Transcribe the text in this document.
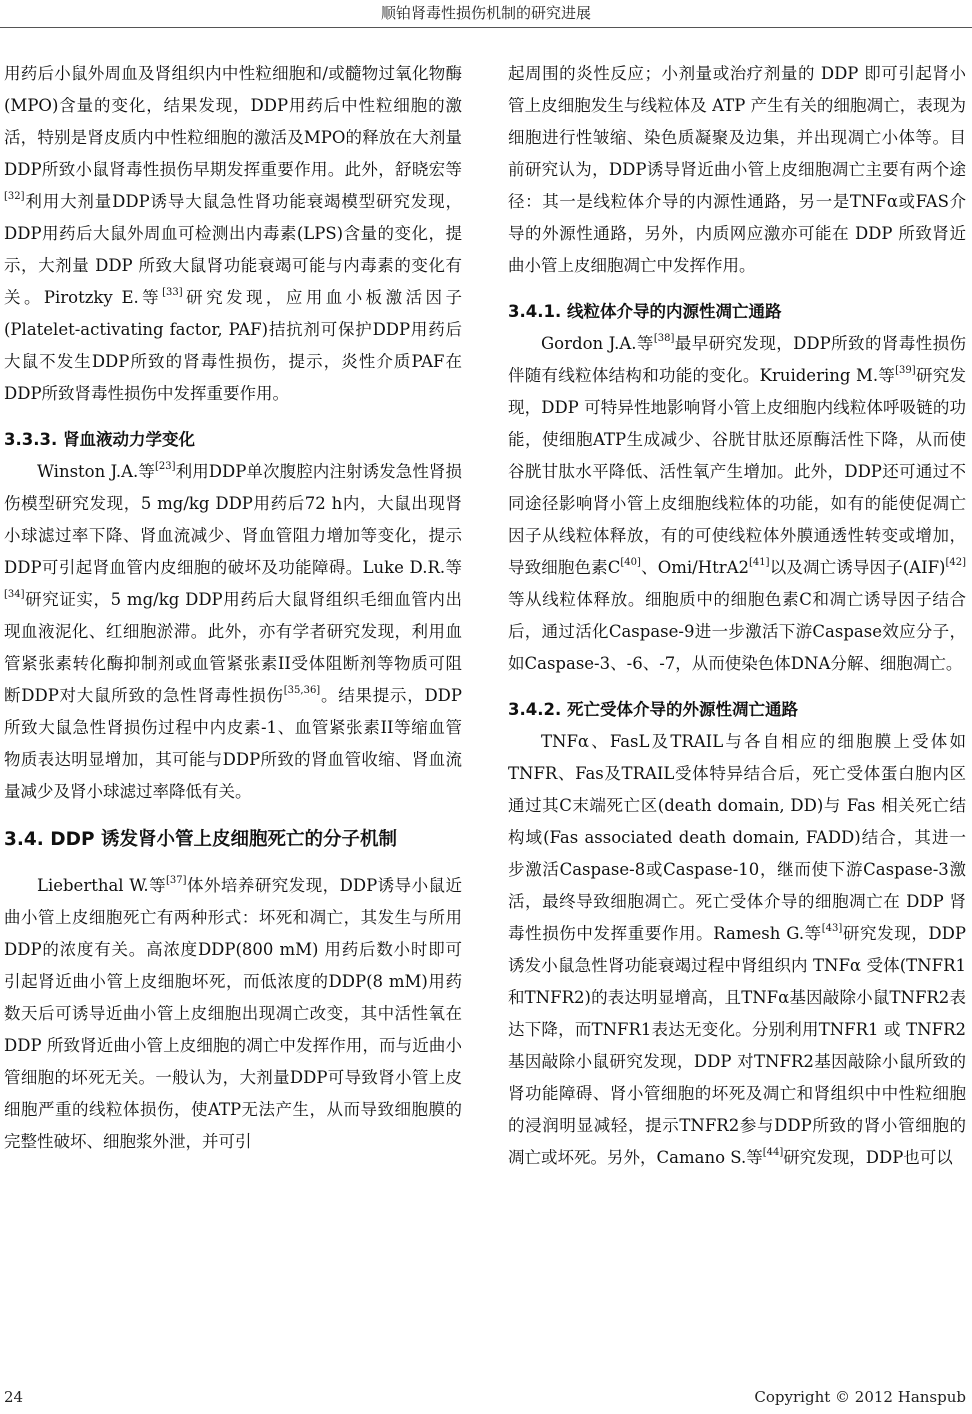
顺铂肾毒性损伤机制的研究进展

用药后小鼠外周血及肾组织内中性粒细胞和/或髓物过氧化物酶(MPO)含量的变化，结果发现，DDP用药后中性粒细胞的激活，特别是肾皮质内中性粒细胞的激活及MPO的释放在大剂量DDP所致小鼠肾毒性损伤早期发挥重要作用。此外，舒晓宏等[32]利用大剂量DDP诱导大鼠急性肾功能衰竭模型研究发现，DDP用药后大鼠外周血可检测出内毒素(LPS)含量的变化，提示，大剂量 DDP 所致大鼠肾功能衰竭可能与内毒素的变化有关。Pirotzky E.等[33]研究发现，应用血小板激活因子(Platelet-activating factor, PAF)拮抗剂可保护DDP用药后大鼠不发生DDP所致的肾毒性损伤，提示，炎性介质PAF在DDP所致肾毒性损伤中发挥重要作用。

3.3.3. 肾血液动力学变化

Winston J.A.等[23]利用DDP单次腹腔内注射诱发急性肾损伤模型研究发现，5 mg/kg DDP用药后72 h内，大鼠出现肾小球滤过率下降、肾血流减少、肾血管阻力增加等变化，提示DDP可引起肾血管内皮细胞的破坏及功能障碍。Luke D.R.等[34]研究证实，5 mg/kg DDP用药后大鼠肾组织毛细血管内出现血液泥化、红细胞淤滞。此外，亦有学者研究发现，利用血管紧张素转化酶抑制剂或血管紧张素II受体阻断剂等物质可阻断DDP对大鼠所致的急性肾毒性损伤[35,36]。结果提示，DDP所致大鼠急性肾损伤过程中内皮素-1、血管紧张素II等缩血管物质表达明显增加，其可能与DDP所致的肾血管收缩、肾血流量减少及肾小球滤过率降低有关。

3.4. DDP 诱发肾小管上皮细胞死亡的分子机制

Lieberthal W.等[37]体外培养研究发现，DDP诱导小鼠近曲小管上皮细胞死亡有两种形式：坏死和凋亡，其发生与所用DDP的浓度有关。高浓度DDP(800 mM) 用药后数小时即可引起肾近曲小管上皮细胞坏死，而低浓度的DDP(8 mM)用药数天后可诱导近曲小管上皮细胞出现凋亡改变，其中活性氧在 DDP 所致肾近曲小管上皮细胞的凋亡中发挥作用，而与近曲小管细胞的坏死无关。一般认为，大剂量DDP可导致肾小管上皮细胞严重的线粒体损伤，使ATP无法产生，从而导致细胞膜的完整性破坏、细胞浆外泄，并可引

起周围的炎性反应；小剂量或治疗剂量的 DDP 即可引起肾小管上皮细胞发生与线粒体及 ATP 产生有关的细胞凋亡，表现为细胞进行性皱缩、染色质凝聚及边集，并出现凋亡小体等。目前研究认为，DDP诱导肾近曲小管上皮细胞凋亡主要有两个途径：其一是线粒体介导的内源性通路，另一是TNFα或FAS介导的外源性通路，另外，内质网应激亦可能在 DDP 所致肾近曲小管上皮细胞凋亡中发挥作用。

3.4.1. 线粒体介导的内源性凋亡通路

Gordon J.A.等[38]最早研究发现，DDP所致的肾毒性损伤伴随有线粒体结构和功能的变化。Kruidering M.等[39]研究发现，DDP 可特异性地影响肾小管上皮细胞内线粒体呼吸链的功能，使细胞ATP生成减少、谷胱甘肽还原酶活性下降，从而使谷胱甘肽水平降低、活性氧产生增加。此外，DDP还可通过不同途径影响肾小管上皮细胞线粒体的功能，如有的能使促凋亡因子从线粒体释放，有的可使线粒体外膜通透性转变或增加，导致细胞色素C[40]、Omi/HtrA2[41]以及凋亡诱导因子(AIF)[42]等从线粒体释放。细胞质中的细胞色素C和凋亡诱导因子结合后，通过活化Caspase-9进一步激活下游Caspase效应分子，如Caspase-3、-6、-7，从而使染色体DNA分解、细胞凋亡。

3.4.2. 死亡受体介导的外源性凋亡通路

TNFα、FasL及TRAIL与各自相应的细胞膜上受体如TNFR、Fas及TRAIL受体特异结合后，死亡受体蛋白胞内区通过其C末端死亡区(death domain, DD)与 Fas 相关死亡结构域(Fas associated death domain, FADD)结合，其进一步激活Caspase-8或Caspase-10，继而使下游Caspase-3激活，最终导致细胞凋亡。死亡受体介导的细胞凋亡在 DDP 肾毒性损伤中发挥重要作用。Ramesh G.等[43]研究发现，DDP诱发小鼠急性肾功能衰竭过程中肾组织内 TNFα 受体(TNFR1 和TNFR2)的表达明显增高，且TNFα基因敲除小鼠TNFR2表达下降，而TNFR1表达无变化。分别利用TNFR1 或 TNFR2 基因敲除小鼠研究发现，DDP 对TNFR2基因敲除小鼠所致的肾功能障碍、肾小管细胞的坏死及凋亡和肾组织中中性粒细胞的浸润明显减轻，提示TNFR2参与DDP所致的肾小管细胞的凋亡或坏死。另外，Camano S.等[44]研究发现，DDP也可以

24	Copyright © 2012 Hanspub
